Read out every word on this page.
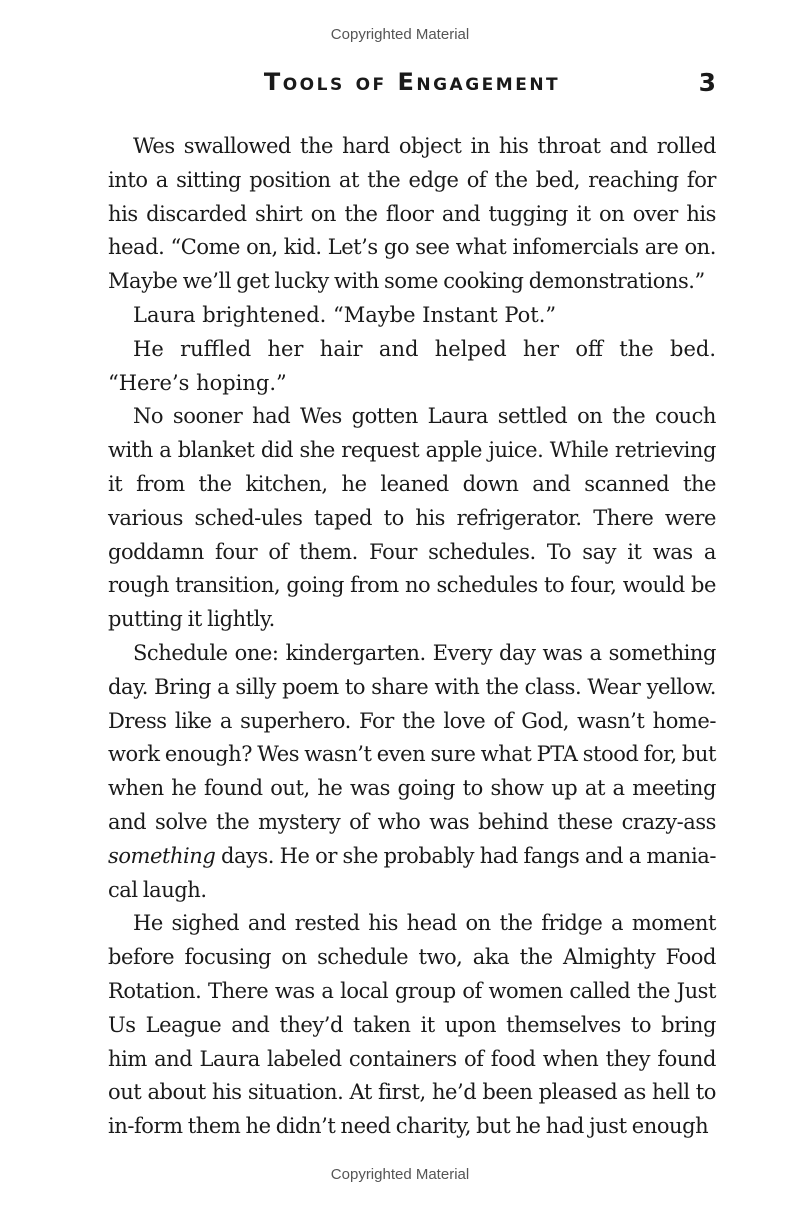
Copyrighted Material
Tools of Engagement	3

Wes swallowed the hard object in his throat and rolled into a sitting position at the edge of the bed, reaching for his discarded shirt on the floor and tugging it on over his head. “Come on, kid. Let’s go see what infomercials are on. Maybe we’ll get lucky with some cooking demonstrations.”

Laura brightened. “Maybe Instant Pot.”

He ruffled her hair and helped her off the bed. “Here’s hoping.”

No sooner had Wes gotten Laura settled on the couch with a blanket did she request apple juice. While retrieving it from the kitchen, he leaned down and scanned the various sched-ules taped to his refrigerator. There were goddamn four of them. Four schedules. To say it was a rough transition, going from no schedules to four, would be putting it lightly.

Schedule one: kindergarten. Every day was a something day. Bring a silly poem to share with the class. Wear yellow. Dress like a superhero. For the love of God, wasn’t home-work enough? Wes wasn’t even sure what PTA stood for, but when he found out, he was going to show up at a meeting and solve the mystery of who was behind these crazy-ass something days. He or she probably had fangs and a mania-cal laugh.

He sighed and rested his head on the fridge a moment before focusing on schedule two, aka the Almighty Food Rotation. There was a local group of women called the Just Us League and they’d taken it upon themselves to bring him and Laura labeled containers of food when they found out about his situation. At first, he’d been pleased as hell to in-form them he didn’t need charity, but he had just enough

Copyrighted Material
